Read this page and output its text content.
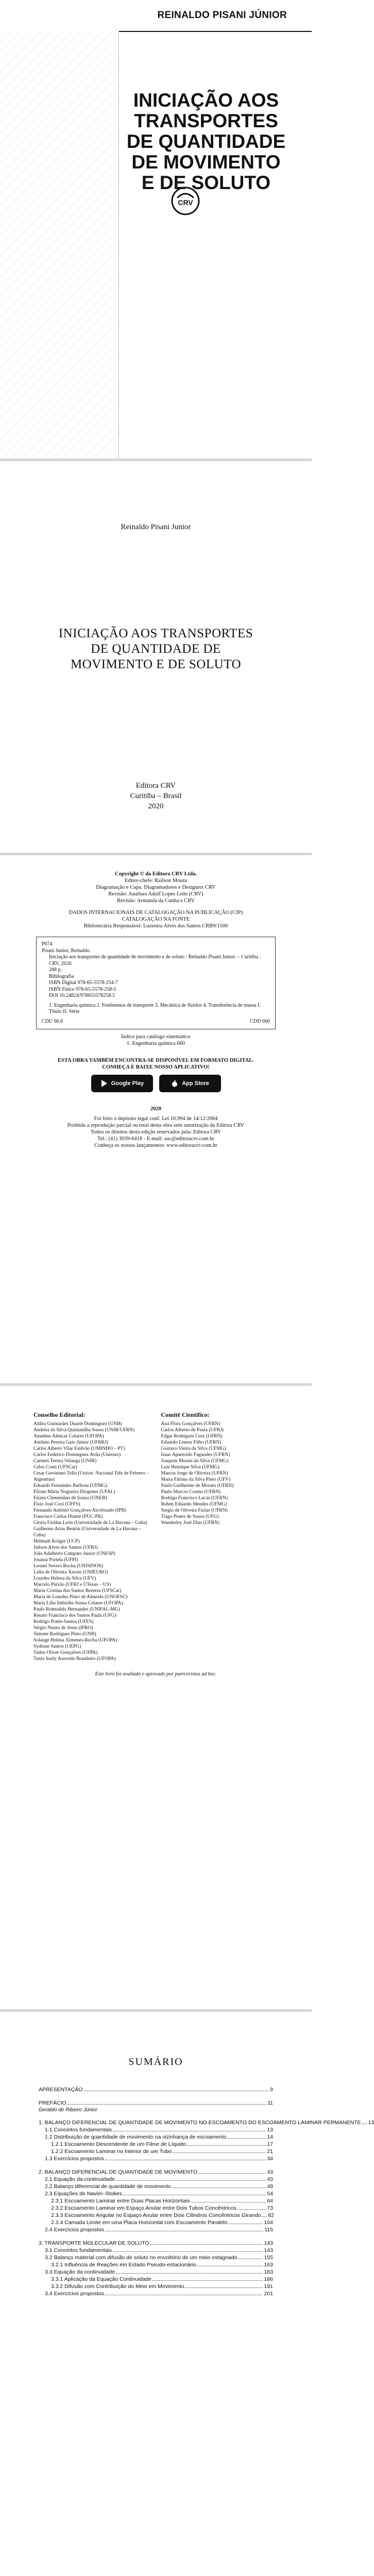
REINALDO PISANI JÚNIOR
INICIAÇÃO AOS
TRANSPORTES
DE QUANTIDADE
DE MOVIMENTO
E DE SOLUTO
CRV
Reinaldo Pisani Junior
INICIAÇÃO AOS TRANSPORTES
DE QUANTIDADE DE
MOVIMENTO E DE SOLUTO
Editora CRV
Curitiba – Brasil
2020
Copyright © da Editora CRV Ltda.
Editor-chefe: Railson Moura
Diagramação e Capa: Diagramadores e Designers CRV
Revisão: Analises Adolf Lopes Leite (CRV)
Revisão: Armanda da Cunha e CRV
DADOS INTERNACIONAIS DE CATALOGAÇÃO NA PUBLICAÇÃO (CIP)
CATALOGAÇÃO NA FONTE
Bibliotecária Responsável: Luzenira Alves dos Santos CRB9/1506
P674
Pisani Junior, Reinaldo.
Iniciação aos transportes de quantidade de movimento e de soluto / Reinaldo Pisani Junior. – Curitiba : CRV, 2020.
288 p.
Bibliografia
ISBN Digital 978-65-5578-254-7
ISBN Físico 978-65-5578-258-5
DOI 10.24824/978655578258.5
1. Engenharia química 2. Fenômenos de transporte 3. Mecânica de fluidos 4. Transferência de massa I. Título II. Série
CDU 66.0	CDD 660
Índice para catálogo sistemático
1. Engenharia química 660
ESTA OBRA TAMBÉM ENCONTRA-SE DISPONÍVEL EM FORMATO DIGITAL.
CONHEÇA E BAIXE NOSSO APLICATIVO!
Google Play	App Store
2020
Foi feito o depósito legal conf. Lei 10.994 de 14/12/2004
Proibida a reprodução parcial ou total desta obra sem autorização da Editora CRV
Todos os direitos desta edição reservados pela: Editora CRV
Tel.: (41) 3039-6418 - E-mail: sac@editoracrv.com.br
Conheça os nossos lançamentos: www.editoracrv.com.br
Conselho Editorial:
Aldira Guimarães Duarte Domínguez (UNB)
Andréia da Silva Quintanilha Sousa (UNIR/UFRN)
Anselmo Alencar Colares (UFOPA)
Antônio Pereira Gaio Júnior (UFRRJ)
Carlos Alberto Vilar Estêvão (UMINHO – PT)
Carlos Federico Dominguez Avila (Unieuro)
Carmen Tereza Velanga (UNIR)
Celso Conti (UFSCar)
Cesar Gerónimo Tello (Univer. Nacional Três de Febrero – Argentina)
Eduardo Fernandes Barbosa (UFMG)
Elione Maria Nogueira Diogenes (UFAL)
Elizeu Clementino de Souza (UNEB)
Élsio José Corá (UFFS)
Fernando Antônio Gonçalves Alcoforado (IPB)
Francisco Carlos Duarte (PUC-PR)
Gloria Fariñas León (Universidade de La Havana – Cuba)
Guillermo Arias Beatón (Universidade de La Havana – Cuba)
Helmuth Krüger (UCP)
Jailson Alves dos Santos (UFRJ)
João Adalberto Campato Junior (UNESP)
Josania Portela (UFPI)
Leonel Severo Rocha (UNISINOS)
Lídia de Oliveira Xavier (UNIEURO)
Lourdes Helena da Silva (UFV)
Marcelo Paixão (UFRJ e UTexas – US)
Maria Cristina dos Santos Bezerra (UFSCar)
Maria de Lourdes Pinto de Almeida (UNOESC)
Maria Lília Imbiriba Sousa Colares (UFOPA)
Paulo Romualdo Hernandes (UNIFAL-MG)
Renato Francisco dos Santos Paula (UFG)
Rodrigo Pratte-Santos (UFES)
Sérgio Nunes de Jesus (IFRO)
Simone Rodrigues Pinto (UNB)
Solange Helena Ximenes-Rocha (UFOPA)
Sydione Santos (UEPG)
Tadeu Oliver Gonçalves (UFPA)
Tania Suely Azevedo Brasileiro (UFOPA)
Comitê Científico:
Ana Flora Gonçalves (UFRN)
Carlos Alberto de Paula (UFRJ)
Edgar Rodrigues Cruz (UFRN)
Eduardo Lemos Filho (UFRN)
Gustavo Vieira da Silva (UFMG)
Isaac Aparecido Fagundes (UFRN)
Joaquim Morais da Silva (UFMG)
Luiz Henrique Silva (UFMG)
Marcos Jorge de Oliveira (UFRN)
Maria Fátima da Silva Pinto (UFV)
Paulo Guilherme de Moraes (UFRN)
Paulo Marcos Cosmo (UFRN)
Rodrigo Francisco Lucas (UFRN)
Ruben Eduardo Mendes (UFMG)
Sergio de Oliveira Farias (UFRN)
Tiago Prates de Souza (UFG)
Wanderley José Dias (UFRN)
Este livro foi avaliado e aprovado por pareceristas ad hoc.
SUMÁRIO
APRESENTAÇÃO	9
PREFÁCIO	11
Geraldo de Ribeiro Júnior
1. BALANÇO DIFERENCIAL DE QUANTIDADE DE MOVIMENTO NO ESCOAMENTO DO ESCOAMENTO LAMINAR PERMANENTE 13
1.1 Conceitos fundamentais	13
1.2 Distribuição de quantidade de movimento na vizinhança de escoamento	14
1.2.1 Escoamento Descendente de um Filme de Líquido	17
1.2.2 Escoamento Laminar no Interior de um Tubo	21
1.3 Exercícios propostos	34
2. BALANÇO DIFERENCIAL DE QUANTIDADE DE MOVIMENTO	43
2.1 Equação da continuidade	43
2.2 Balanço diferencial de quantidade de movimento	49
2.3 Equações de Navier–Stokes	54
2.3.1 Escoamento Laminar entre Duas Placas Horizontais	64
2.3.2 Escoamento Laminar em Espaço Anular entre Dois Tubos Concêntricos	73
2.3.3 Escoamento Angular no Espaço Anular entre Dois Cilindros Concêntricos Girando 82
2.3.4 Camada Limite em uma Placa Horizontal com Escoamento Paralelo	104
2.4 Exercícios propostos	115
3. TRANSPORTE MOLECULAR DE SOLUTO	143
3.1 Conceitos fundamentais	143
3.2 Balanço material com difusão de soluto no envoltório de um meio estagnado	155
3.2.1 Influência de Reações em Estado Pseudo-estacionário	163
3.3 Equação da continuidade	183
3.3.1 Aplicação da Equação Continuidade	186
3.3.2 Difusão com Contribuição do Meio em Movimento	191
3.4 Exercícios propostos	201
